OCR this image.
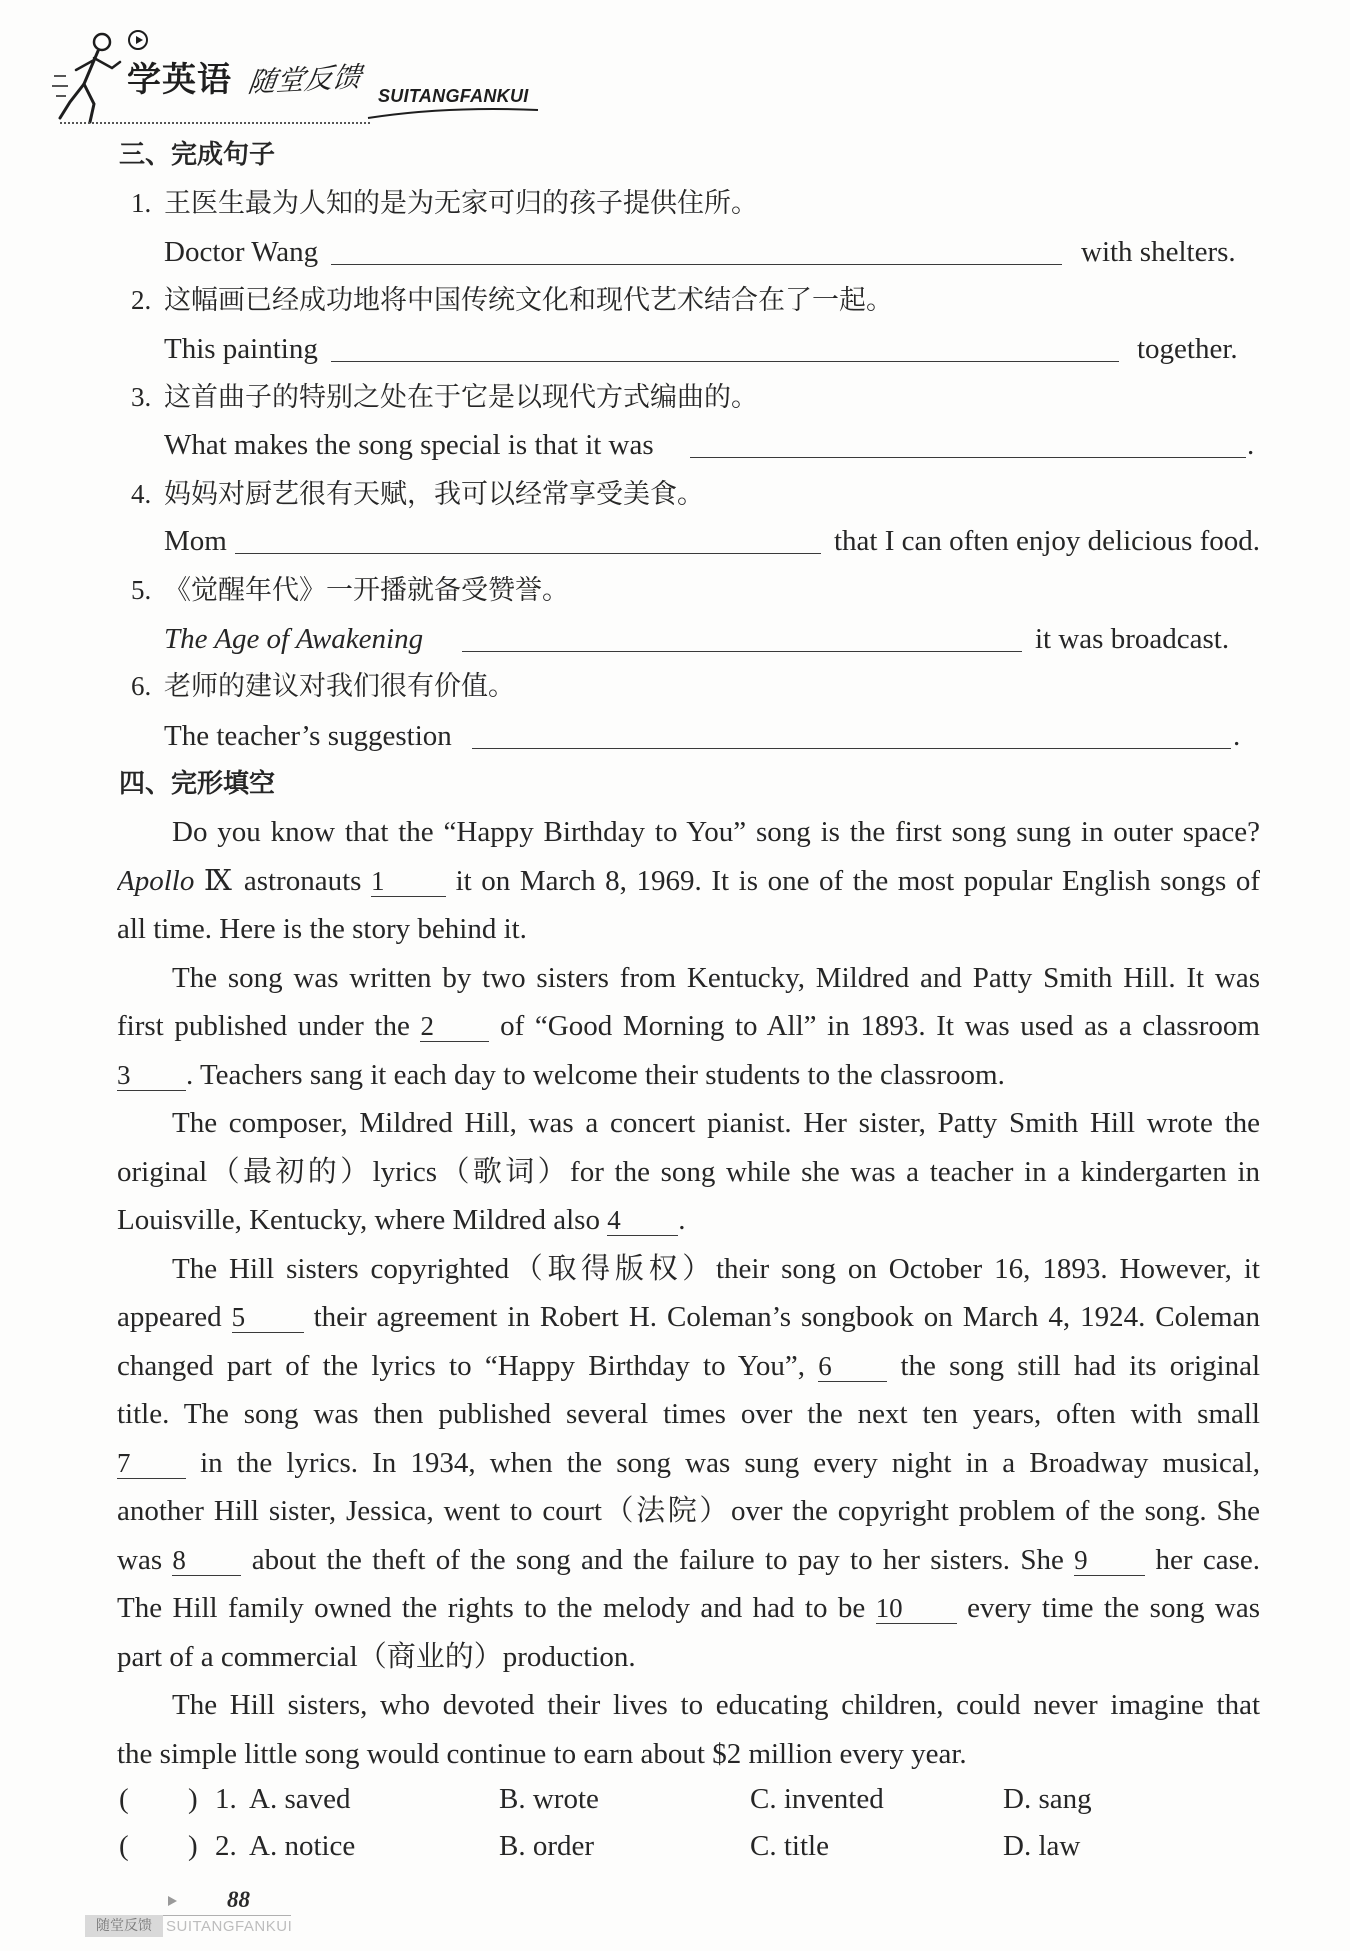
学英语 随堂反馈 SUITANGFANKUI
三、完成句子
1. 王医生最为人知的是为无家可归的孩子提供住所。
Doctor Wang	with shelters.
2. 这幅画已经成功地将中国传统文化和现代艺术结合在了一起。
This painting	together.
3. 这首曲子的特别之处在于它是以现代方式编曲的。
What makes the song special is that it was	.
4. 妈妈对厨艺很有天赋，我可以经常享受美食。
Mom	that I can often enjoy delicious food.
5. 《觉醒年代》一开播就备受赞誉。
The Age of Awakening	it was broadcast.
6. 老师的建议对我们很有价值。
The teacher’s suggestion	.
四、完形填空
Do you know that the “Happy Birthday to You” song is the first song sung in outer space?
Apollo Ⅸ astronauts 1 it on March 8, 1969. It is one of the most popular English songs of
all time. Here is the story behind it.
The song was written by two sisters from Kentucky, Mildred and Patty Smith Hill. It was
first published under the 2 of “Good Morning to All” in 1893. It was used as a classroom
3 . Teachers sang it each day to welcome their students to the classroom.
The composer, Mildred Hill, was a concert pianist. Her sister, Patty Smith Hill wrote the
original（最初的）lyrics（歌词）for the song while she was a teacher in a kindergarten in
Louisville, Kentucky, where Mildred also 4 .
The Hill sisters copyrighted（取得版权）their song on October 16, 1893. However, it
appeared 5 their agreement in Robert H. Coleman’s songbook on March 4, 1924. Coleman
changed part of the lyrics to “Happy Birthday to You”, 6 the song still had its original
title. The song was then published several times over the next ten years, often with small
7 in the lyrics. In 1934, when the song was sung every night in a Broadway musical,
another Hill sister, Jessica, went to court（法院）over the copyright problem of the song. She
was 8 about the theft of the song and the failure to pay to her sisters. She 9 her case.
The Hill family owned the rights to the melody and had to be 10 every time the song was
part of a commercial（商业的）production.
The Hill sisters, who devoted their lives to educating children, could never imagine that
the simple little song would continue to earn about $2 million every year.
( ) 1. A. saved	B. wrote	C. invented	D. sang
( ) 2. A. notice	B. order	C. title	D. law
88
随堂反馈 SUITANGFANKUI
